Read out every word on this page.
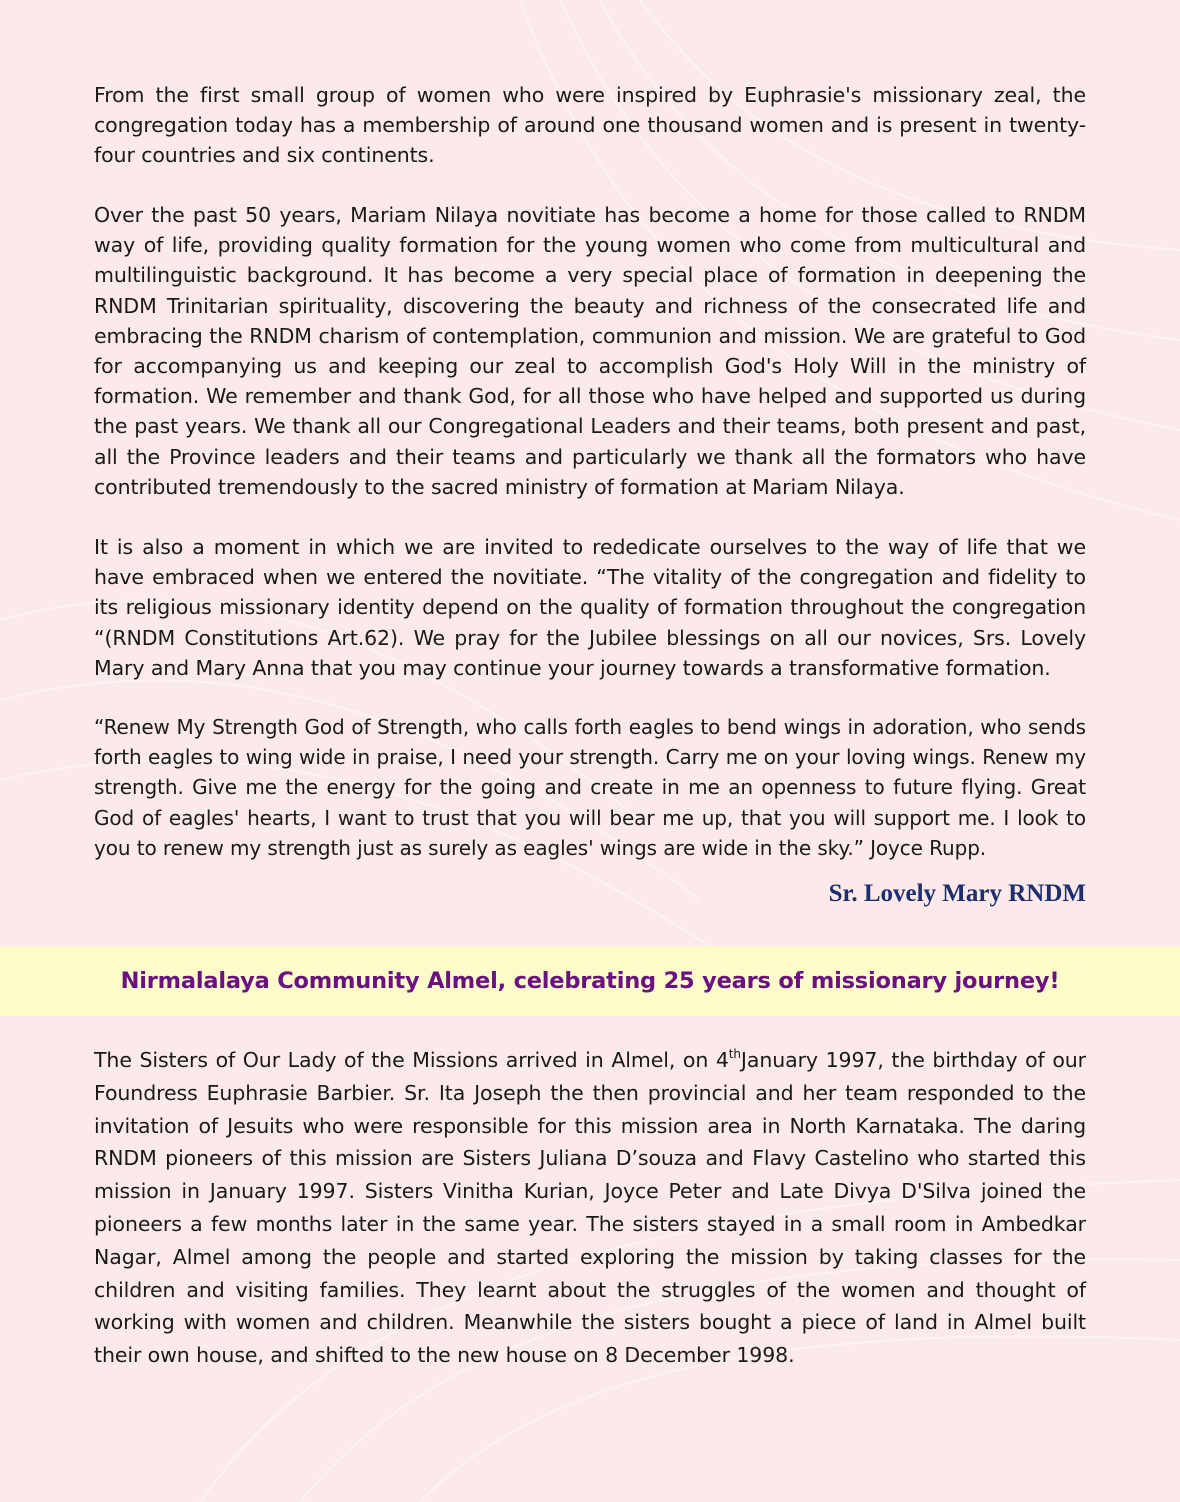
From the first small group of women who were inspired by Euphrasie's missionary zeal, the congregation today has a membership of around one thousand women and is present in twenty-four countries and six continents.

Over the past 50 years, Mariam Nilaya novitiate has become a home for those called to RNDM way of life, providing quality formation for the young women who come from multicultural and multilinguistic background. It has become a very special place of formation in deepening the RNDM Trinitarian spirituality, discovering the beauty and richness of the consecrated life and embracing the RNDM charism of contemplation, communion and mission. We are grateful to God for accompanying us and keeping our zeal to accomplish God's Holy Will in the ministry of formation. We remember and thank God, for all those who have helped and supported us during the past years. We thank all our Congregational Leaders and their teams, both present and past, all the Province leaders and their teams and particularly we thank all the formators who have contributed tremendously to the sacred ministry of formation at Mariam Nilaya.

It is also a moment in which we are invited to rededicate ourselves to the way of life that we have embraced when we entered the novitiate. “The vitality of the congregation and fidelity to its religious missionary identity depend on the quality of formation throughout the congregation “(RNDM Constitutions Art.62). We pray for the Jubilee blessings on all our novices, Srs. Lovely Mary and Mary Anna that you may continue your journey towards a transformative formation.

“Renew My Strength God of Strength, who calls forth eagles to bend wings in adoration, who sends forth eagles to wing wide in praise, I need your strength. Carry me on your loving wings. Renew my strength. Give me the energy for the going and create in me an openness to future flying. Great God of eagles' hearts, I want to trust that you will bear me up, that you will support me. I look to you to renew my strength just as surely as eagles' wings are wide in the sky.” Joyce Rupp.

Sr. Lovely Mary RNDM
Nirmalalaya Community Almel, celebrating 25 years of missionary journey!

The Sisters of Our Lady of the Missions arrived in Almel, on 4thJanuary 1997, the birthday of our Foundress Euphrasie Barbier. Sr. Ita Joseph the then provincial and her team responded to the invitation of Jesuits who were responsible for this mission area in North Karnataka. The daring RNDM pioneers of this mission are Sisters Juliana D’souza and Flavy Castelino who started this mission in January 1997. Sisters Vinitha Kurian, Joyce Peter and Late Divya D'Silva joined the pioneers a few months later in the same year. The sisters stayed in a small room in Ambedkar Nagar, Almel among the people and started exploring the mission by taking classes for the children and visiting families. They learnt about the struggles of the women and thought of working with women and children. Meanwhile the sisters bought a piece of land in Almel built their own house, and shifted to the new house on 8 December 1998.
